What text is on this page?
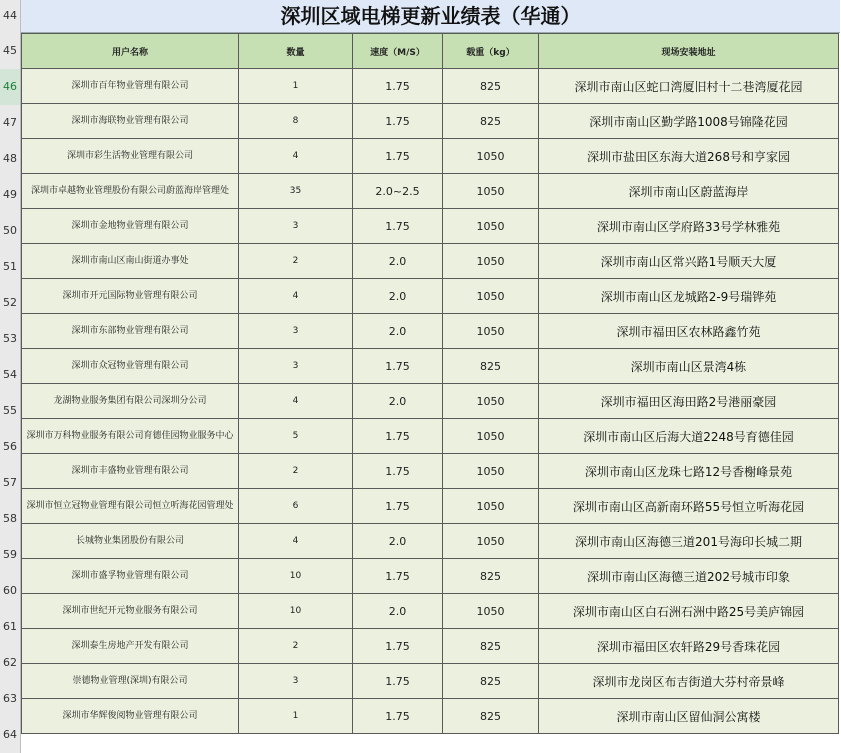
44
45
46
47
48
49
50
51
52
53
54
55
56
57
58
59
60
61
62
63
64
深圳区域电梯更新业绩表（华通）
用户名称	数量	速度（M/S）	载重（kg）	现场安装地址
深圳市百年物业管理有限公司	1	1.75	825	深圳市南山区蛇口湾厦旧村十二巷湾厦花园
深圳市海联物业管理有限公司	8	1.75	825	深圳市南山区勤学路1008号锦隆花园
深圳市彩生活物业管理有限公司	4	1.75	1050	深圳市盐田区东海大道268号和亨家园
深圳市卓越物业管理股份有限公司蔚蓝海岸管理处	35	2.0~2.5	1050	深圳市南山区蔚蓝海岸
深圳市金地物业管理有限公司	3	1.75	1050	深圳市南山区学府路33号学林雅苑
深圳市南山区南山街道办事处	2	2.0	1050	深圳市南山区常兴路1号顺天大厦
深圳市开元国际物业管理有限公司	4	2.0	1050	深圳市南山区龙城路2-9号瑞铧苑
深圳市东部物业管理有限公司	3	2.0	1050	深圳市福田区农林路鑫竹苑
深圳市众冠物业管理有限公司	3	1.75	825	深圳市南山区景湾4栋
龙湖物业服务集团有限公司深圳分公司	4	2.0	1050	深圳市福田区海田路2号港丽豪园
深圳市万科物业服务有限公司育德佳园物业服务中心	5	1.75	1050	深圳市南山区后海大道2248号育德佳园
深圳市丰盛物业管理有限公司	2	1.75	1050	深圳市南山区龙珠七路12号香榭峰景苑
深圳市恒立冠物业管理有限公司恒立听海花园管理处	6	1.75	1050	深圳市南山区高新南环路55号恒立听海花园
长城物业集团股份有限公司	4	2.0	1050	深圳市南山区海德三道201号海印长城二期
深圳市盛孚物业管理有限公司	10	1.75	825	深圳市南山区海德三道202号城市印象
深圳市世纪开元物业服务有限公司	10	2.0	1050	深圳市南山区白石洲石洲中路25号美庐锦园
深圳泰生房地产开发有限公司	2	1.75	825	深圳市福田区农轩路29号香珠花园
崇德物业管理(深圳)有限公司	3	1.75	825	深圳市龙岗区布吉街道大芬村帝景峰
深圳市华辉俊阅物业管理有限公司	1	1.75	825	深圳市南山区留仙洞公寓楼
